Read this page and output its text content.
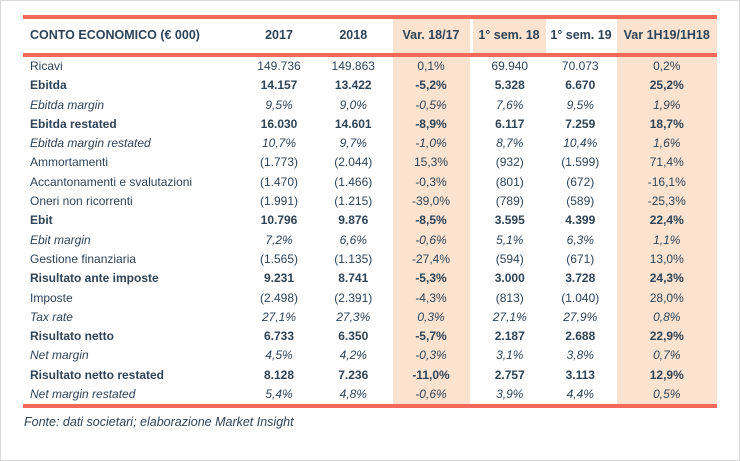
CONTO ECONOMICO (€ 000)	2017	2018	Var. 18/17	1° sem. 18	1° sem. 19	Var 1H19/1H18
Ricavi	149.736	149.863	0,1%	69.940	70.073	0,2%
Ebitda	14.157	13.422	-5,2%	5.328	6.670	25,2%
Ebitda margin	9,5%	9,0%	-0,5%	7,6%	9,5%	1,9%
Ebitda restated	16.030	14.601	-8,9%	6.117	7.259	18,7%
Ebitda margin restated	10,7%	9,7%	-1,0%	8,7%	10,4%	1,6%
Ammortamenti	(1.773)	(2.044)	15,3%	(932)	(1.599)	71,4%
Accantonamenti e svalutazioni	(1.470)	(1.466)	-0,3%	(801)	(672)	-16,1%
Oneri non ricorrenti	(1.991)	(1.215)	-39,0%	(789)	(589)	-25,3%
Ebit	10.796	9.876	-8,5%	3.595	4.399	22,4%
Ebit margin	7,2%	6,6%	-0,6%	5,1%	6,3%	1,1%
Gestione finanziaria	(1.565)	(1.135)	-27,4%	(594)	(671)	13,0%
Risultato ante imposte	9.231	8.741	-5,3%	3.000	3.728	24,3%
Imposte	(2.498)	(2.391)	-4,3%	(813)	(1.040)	28,0%
Tax rate	27,1%	27,3%	0,3%	27,1%	27,9%	0,8%
Risultato netto	6.733	6.350	-5,7%	2.187	2.688	22,9%
Net margin	4,5%	4,2%	-0,3%	3,1%	3,8%	0,7%
Risultato netto restated	8.128	7.236	-11,0%	2.757	3.113	12,9%
Net margin restated	5,4%	4,8%	-0,6%	3,9%	4,4%	0,5%
Fonte: dati societari; elaborazione Market Insight
